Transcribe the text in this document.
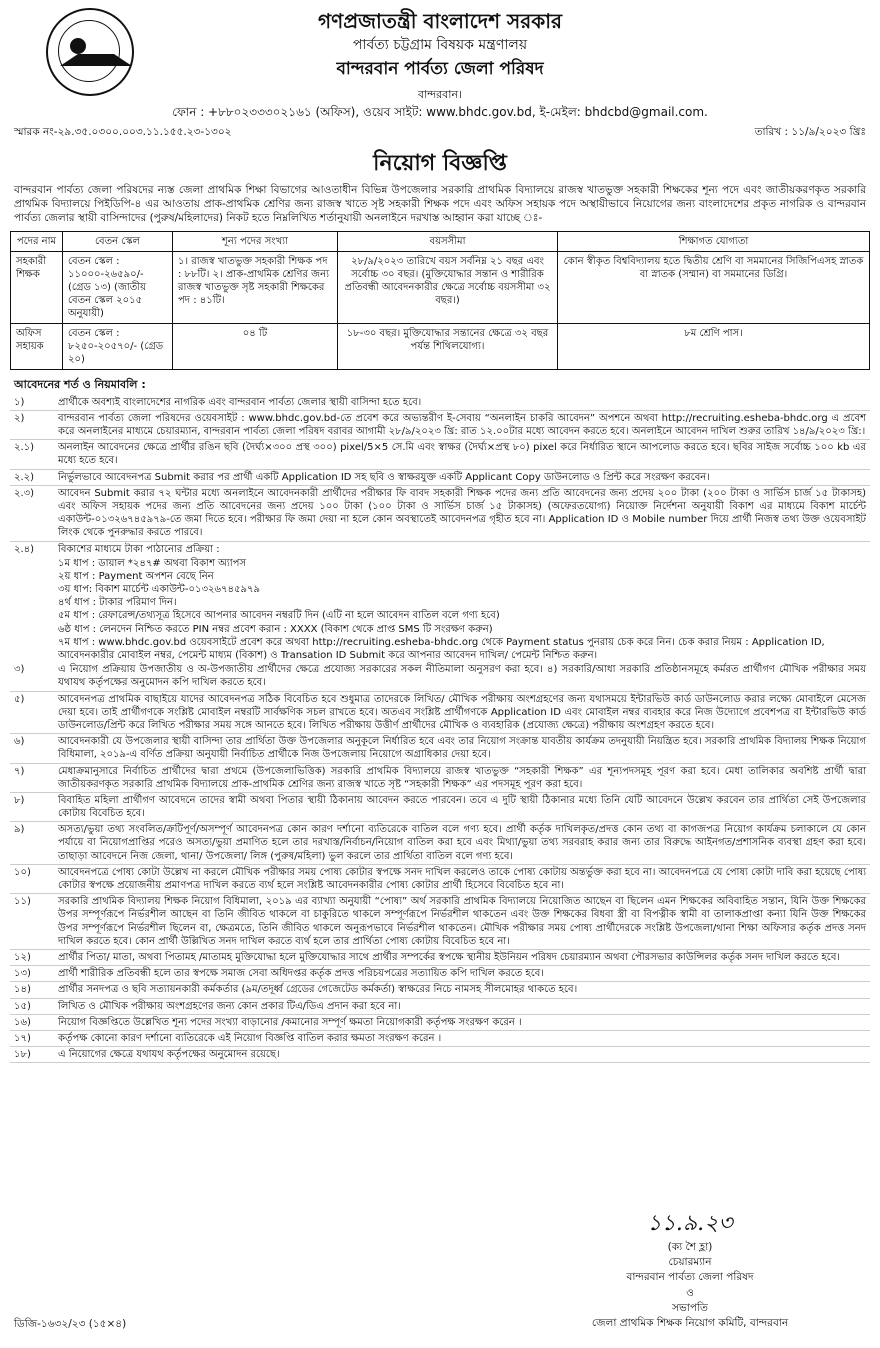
গণপ্রজাতন্ত্রী বাংলাদেশ সরকার
পার্বত্য চট্টগ্রাম বিষয়ক মন্ত্রণালয়
বান্দরবান পার্বত্য জেলা পরিষদ
বান্দরবান।
ফোন : +৮৮০২৩৩৩০২১৬১ (অফিস), ওয়েব সাইট: www.bhdc.gov.bd, ই-মেইল: bhdcbd@gmail.com.
স্মারক নং-২৯.৩৫.০৩০০.০০৩.১১.১৫৫.২৩-১৩০২	তারিখ : ১১/৯/২০২৩ খ্রিঃ
নিয়োগ বিজ্ঞপ্তি
বান্দরবান পার্বত্য জেলা পরিষদের ন্যস্ত জেলা প্রাথমিক শিক্ষা বিভাগের আওতাধীন বিভিন্ন উপজেলার সরকারি প্রাথমিক বিদ্যালয়ে রাজস্ব খাতভুক্ত সহকারী শিক্ষকের শূন্য পদে এবং জাতীয়করণকৃত সরকারি প্রাথমিক বিদ্যালয়ে পিইডিপি-৪ এর আওতায় প্রাক-প্রাথমিক শ্রেণির জন্য রাজস্ব খাতে সৃষ্ট সহকারী শিক্ষক পদে এবং অফিস সহায়ক পদে অস্থায়ীভাবে নিয়োগের জন্য বাংলাদেশের প্রকৃত নাগরিক ও বান্দরবান পার্বত্য জেলার স্থায়ী বাসিন্দাদের (পুরুষ/মহিলাদের) নিকট হতে নিম্নলিখিত শর্তানুযায়ী অনলাইনে দরখাস্ত আহ্বান করা যাচ্ছে ঃ-
পদের নাম	বেতন স্কেল	শূন্য পদের সংখ্যা	বয়সসীমা	শিক্ষাগত যোগ্যতা
সহকারী শিক্ষক	বেতন স্কেল : ১১০০০-২৬৫৯০/- (গ্রেড ১৩) (জাতীয় বেতন স্কেল ২০১৫ অনুযায়ী)	১। রাজস্ব খাতভুক্ত সহকারী শিক্ষক পদ : ৮৮টি। ২। প্রাক-প্রাথমিক শ্রেণির জন্য রাজস্ব খাতভুক্ত সৃষ্ট সহকারী শিক্ষকের পদ : ৪১টি।	২৮/৯/২০২৩ তারিখে বয়স সর্বনিম্ন ২১ বছর এবং সর্বোচ্চ ৩০ বছর। (মুক্তিযোদ্ধার সন্তান ও শারীরিক প্রতিবন্ধী আবেদনকারীর ক্ষেত্রে সর্বোচ্চ বয়সসীমা ৩২ বছর।)	কোন স্বীকৃত বিশ্ববিদ্যালয় হতে দ্বিতীয় শ্রেণি বা সমমানের সিজিপিএসহ স্নাতক বা স্নাতক (সম্মান) বা সমমানের ডিগ্রি।
অফিস সহায়ক	বেতন স্কেল : ৮২৫০-২০৫৭০/- (গ্রেড ২০)	০৪ টি	১৮-৩০ বছর। মুক্তিযোদ্ধার সন্তানের ক্ষেত্রে ৩২ বছর পর্যন্ত শিথিলযোগ্য।	৮ম শ্রেণি পাস।
আবেদনের শর্ত ও নিয়মাবলি :
১)	প্রার্থীকে অবশ্যই বাংলাদেশের নাগরিক এবং বান্দরবান পার্বত্য জেলার স্থায়ী বাসিন্দা হতে হবে।
২)	বান্দরবান পার্বত্য জেলা পরিষদের ওয়েবসাইট : www.bhdc.gov.bd-তে প্রবেশ করে অভ্যন্তরীণ ই-সেবায় “অনলাইন চাকরি আবেদন” অপশনে অথবা http://recruiting.esheba-bhdc.org এ প্রবেশ করে অনলাইনের মাধ্যমে চেয়ারম্যান, বান্দরবান পার্বত্য জেলা পরিষদ বরাবর আগামী ২৮/৯/২০২৩ খ্রি: রাত ১২.০০টার মধ্যে আবেদন করতে হবে। অনলাইনে আবেদন দাখিল শুরুর তারিখ ১৪/৯/২০২৩ খ্রি:।
২.১)	অনলাইন আবেদনের ক্ষেত্রে প্রার্থীর রঙিন ছবি (দৈর্ঘ্য×৩০০ প্রস্থ ৩০০) pixel/5×5 সে.মি এবং স্বাক্ষর (দৈর্ঘ্য×প্রস্থ ৮০) pixel করে নির্ধারিত স্থানে আপলোড করতে হবে। ছবির সাইজ সর্বোচ্চ ১০০ kb এর মধ্যে হতে হবে।
২.২)	নির্ভুলভাবে আবেদনপত্র Submit করার পর প্রার্থী একটি Application ID সহ ছবি ও স্বাক্ষরযুক্ত একটি Applicant Copy ডাউনলোড ও প্রিন্ট করে সংরক্ষণ করবেন।
২.৩)	আবেদন Submit করার ৭২ ঘন্টার মধ্যে অনলাইনে আবেদনকারী প্রার্থীদের পরীক্ষার ফি বাবদ সহকারী শিক্ষক পদের জন্য প্রতি আবেদনের জন্য প্রদেয় ২০০ টাকা (২০০ টাকা ও সার্ভিস চার্জ ১৫ টাকাসহ) এবং অফিস সহায়ক পদের জন্য প্রতি আবেদনের জন্য প্রদেয় ১০০ টাকা (১০০ টাকা ও সার্ভিস চার্জ ১৫ টাকাসহ) (অফেরতযোগ্য) নিয়োক্ত নির্দেশনা অনুযায়ী বিকাশ এর মাধ্যমে বিকাশ মার্চেন্ট একাউন্ট-০১৩২৬৭৪৫৯৭৯-তে জমা দিতে হবে। পরীক্ষার ফি জমা দেয়া না হলে কোন অবস্থাতেই আবেদনপত্র গৃহীত হবে না। Application ID ও Mobile number দিয়ে প্রার্থী নিজস্ব তথ্য উক্ত ওয়েবসাইট লিংক থেকে পুনরুদ্ধার করতে পারবে।
২.৪)	বিকাশের মাধ্যমে টাকা পাঠানোর প্রক্রিয়া :
১ম ধাপ : ডায়াল *২৪৭# অথবা বিকাশ অ্যাপস
২য় ধাপ : Payment অপশন বেছে নিন
৩য় ধাপ: বিকাশ মার্চেন্ট একাউন্ট-০১৩২৬৭৪৫৯৭৯
৪র্থ ধাপ : টাকার পরিমাণ দিন।
৫ম ধাপ : রেফারেন্স/তথ্যসূত্র হিসেবে আপনার আবেদন নম্বরটি দিন (এটি না হলে আবেদন বাতিল বলে গণ্য হবে)
৬ষ্ঠ ধাপ : লেনদেন নিশ্চিত করতে PIN নম্বর প্রবেশ করান : XXXX (বিকাশ থেকে প্রাপ্ত SMS টি সংরক্ষণ করুন)
৭ম ধাপ : www.bhdc.gov.bd ওয়েবসাইটে প্রবেশ করে অথবা http://recruiting.esheba-bhdc.org থেকে Payment status পুনরায় চেক করে নিন। চেক করার নিয়ম : Application ID, আবেদনকারীর মোবাইল নম্বর, পেমেন্ট মাধ্যম (বিকাশ) ও Transation ID Submit করে আপনার আবেদন দাখিল/ পেমেন্ট নিশ্চিত করুন।
৩)	এ নিয়োগ প্রক্রিয়ায় উপজাতীয় ও অ-উপজাতীয় প্রার্থীদের ক্ষেত্রে প্রযোজ্য সরকারের সকল নীতিমালা অনুসরণ করা হবে। ৪) সরকারি/আধা সরকারি প্রতিষ্ঠানসমূহে কর্মরত প্রার্থীগণ মৌখিক পরীক্ষার সময় যথাযথ কর্তৃপক্ষের অনুমোদন কপি দাখিল করতে হবে।
৫)	আবেদনপত্র প্রাথমিক বাছাইয়ে যাদের আবেদনপত্র সঠিক বিবেচিত হবে শুধুমাত্র তাদেরকে লিখিত/ মৌখিক পরীক্ষায় অংশগ্রহণের জন্য যথাসময়ে ইন্টারভিউ কার্ড ডাউনলোড করার লক্ষ্যে মোবাইলে মেসেজ দেয়া হবে। তাই প্রার্থীগণকে সংশ্লিষ্ট মোবাইল নম্বরটি সার্বক্ষণিক সচল রাখতে হবে। অতএব সংশ্লিষ্ট প্রার্থীগণকে Application ID এবং মোবাইল নম্বর ব্যবহার করে নিজ উদ্যোগে প্রবেশপত্র বা ইন্টারভিউ কার্ড ডাউনলোড/প্রিন্ট করে লিখিত পরীক্ষার সময় সঙ্গে আনতে হবে। লিখিত পরীক্ষায় উত্তীর্ণ প্রার্থীদের মৌখিক ও ব্যবহারিক (প্রযোজ্য ক্ষেত্রে) পরীক্ষায় অংশগ্রহণ করতে হবে।
৬)	আবেদনকারী যে উপজেলার স্থায়ী বাসিন্দা তার প্রার্থিতা উক্ত উপজেলার অনুকূলে নির্ধারিত হবে এবং তার নিয়োগ সংক্রান্ত যাবতীয় কার্যক্রম তদনুযায়ী নিয়ন্ত্রিত হবে। সরকারি প্রাথমিক বিদ্যালয় শিক্ষক নিয়োগ বিধিমালা, ২০১৯-এ বর্ণিত প্রক্রিয়া অনুযায়ী নির্বাচিত প্রার্থীকে নিজ উপজেলায় নিয়োগে অগ্রাধিকার দেয়া হবে।
৭)	মেধাক্রমানুসারে নির্বাচিত প্রার্থীদের দ্বারা প্রথমে (উপজেলাভিত্তিক) সরকারি প্রাথমিক বিদ্যালয়ে রাজস্ব খাতভুক্ত “সহকারী শিক্ষক” এর শূন্যপদসমূহ পূরণ করা হবে। মেধা তালিকার অবশিষ্ট প্রার্থী দ্বারা জাতীয়করণকৃত সরকারি প্রাথমিক বিদ্যালয়ে প্রাক-প্রাথমিক শ্রেণির জন্য রাজস্ব খাতে সৃষ্ট “সহকারী শিক্ষক” এর পদসমূহ পূরণ করা হবে।
৮)	বিবাহিত মহিলা প্রার্থীগণ আবেদনে তাদের স্বামী অথবা পিতার স্থায়ী ঠিকানায় আবেদন করতে পারবেন। তবে এ দুটি স্থায়ী ঠিকানার মধ্যে তিনি যেটি আবেদনে উল্লেখ করবেন তার প্রার্থিতা সেই উপজেলার কোটায় বিবেচিত হবে।
৯)	অসত্য/ভুয়া তথ্য সংবলিত/ক্রটিপূর্ণ/অসম্পূর্ণ আবেদনপত্র কোন কারণ দর্শানো ব্যতিরেকে বাতিল বলে গণ্য হবে। প্রার্থী কর্তৃক দাখিলকৃত/প্রদত্ত কোন তথ্য বা কাগজপত্র নিয়োগ কার্যক্রম চলাকালে যে কোন পর্যায়ে বা নিয়োগপ্রাপ্তির পরেও অসত্য/ভুয়া প্রমাণিত হলে তার দরখাস্ত/নির্বাচন/নিয়োগ বাতিল করা হবে এবং মিথ্যা/ভুয়া তথ্য সরবরাহ করার জন্য তার বিরুদ্ধে আইনগত/প্রশাসনিক ব্যবস্থা গ্রহণ করা হবে। তাছাড়া আবেদনে নিজ জেলা, থানা/ উপজেলা/ লিঙ্গ (পুরুষ/মহিলা) ভুল করলে তার প্রার্থিতা বাতিল বলে গণ্য হবে।
১০)	আবেদনপত্রে পোষ্য কোটা উল্লেখ না করলে মৌখিক পরীক্ষার সময় পোষ্য কোটার স্বপক্ষে সনদ দাখিল করলেও তাকে পোষ্য কোটায় অন্তর্ভুক্ত করা হবে না। আবেদনপত্রে যে পোষ্য কোটা দাবি করা হয়েছে পোষ্য কোটার স্বপক্ষে প্রয়োজনীয় প্রমাণপত্র দাখিল করতে ব্যর্থ হলে সংশ্লিষ্ট আবেদনকারীর পোষ্য কোটার প্রার্থী হিসেবে বিবেচিত হবে না।
১১)	সরকারি প্রাথমিক বিদ্যালয় শিক্ষক নিয়োগ বিধিমালা, ২০১৯ এর ব্যাখ্যা অনুযায়ী “পোষ্য” অর্থ সরকারি প্রাথমিক বিদ্যালয়ে নিয়োজিত আছেন বা ছিলেন এমন শিক্ষকের অবিবাহিত সন্তান, যিনি উক্ত শিক্ষকের উপর সম্পূর্ণরূপে নির্ভরশীল আছেন বা তিনি জীবিত থাকলে বা চাকুরিতে থাকলে সম্পূর্ণরূপে নির্ভরশীল থাকতেন এবং উক্ত শিক্ষকের বিধবা স্ত্রী বা বিপত্নীক স্বামী বা তালাকপ্রাপ্তা কন্যা যিনি উক্ত শিক্ষকের উপর সম্পূর্ণরূপে নির্ভরশীল ছিলেন বা, ক্ষেত্রমতে, তিনি জীবিত থাকলে অনুরূপভাবে নির্ভরশীল থাকতেন। মৌখিক পরীক্ষার সময় পোষ্য প্রার্থীদেরকে সংশ্লিষ্ট উপজেলা/থানা শিক্ষা অফিসার কর্তৃক প্রদত্ত সনদ দাখিল করতে হবে। কোন প্রার্থী উল্লিখিত সনদ দাখিল করতে ব্যর্থ হলে তার প্রার্থিতা পোষ্য কোটায় বিবেচিত হবে না।
১২)	প্রার্থীর পিতা/ মাতা, অথবা পিতামহ /মাতামহ মুক্তিযোদ্ধা হলে মুক্তিযোদ্ধার সাথে প্রার্থীর সম্পর্কের স্বপক্ষে স্থানীয় ইউনিয়ন পরিষদ চেয়ারম্যান অথবা পৌরসভার কাউন্সিলর কর্তৃক সনদ দাখিল করতে হবে।
১৩)	প্রার্থী শারীরিক প্রতিবন্ধী হলে তার স্বপক্ষে সমাজ সেবা অধিদপ্তর কর্তৃক প্রদত্ত পরিচয়পত্রের সত্যায়িত কপি দাখিল করতে হবে।
১৪)	প্রার্থীর সনদপত্র ও ছবি সত্যায়নকারী কর্মকর্তার (৯ম/তদূর্ধ্ব গ্রেডের গেজেটেড কর্মকর্তা) স্বাক্ষরের নিচে নামসহ সীলমোহর থাকতে হবে।
১৫)	লিখিত ও মৌখিক পরীক্ষায় অংশগ্রহণের জন্য কোন প্রকার টিএ/ডিএ প্রদান করা হবে না।
১৬)	নিয়োগ বিজ্ঞপ্তিতে উল্লেখিত শূন্য পদের সংখ্যা বাড়ানোর /কমানোর সম্পূর্ণ ক্ষমতা নিয়োগকারী কর্তৃপক্ষ সংরক্ষণ করেন ।
১৭)	কর্তৃপক্ষ কোনো কারণ দর্শানো ব্যতিরেকে এই নিয়োগ বিজ্ঞপ্তি বাতিল করার ক্ষমতা সংরক্ষণ করেন ।
১৮)	এ নিয়োগের ক্ষেত্রে যথাযথ কর্তৃপক্ষের অনুমোদন রয়েছে।
১১.৯.২৩
(ক্য শৈ হ্লা)
চেয়ারম্যান
বান্দরবান পার্বত্য জেলা পরিষদ
ও
সভাপতি
জেলা প্রাথমিক শিক্ষক নিয়োগ কমিটি, বান্দরবান
ডিজি-১৬৩২/২৩ (১৫×৪)
